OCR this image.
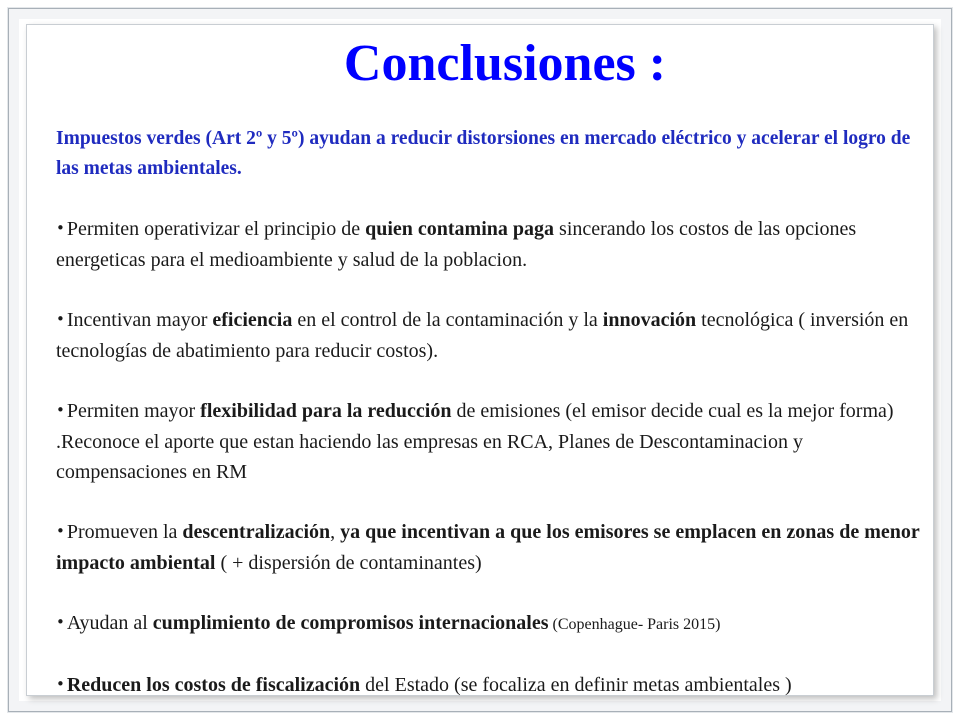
Conclusiones :

Impuestos verdes (Art 2º y 5º) ayudan a reducir distorsiones en mercado eléctrico y acelerar el logro de las metas ambientales.

• Permiten operativizar el principio de quien contamina paga sincerando los costos de las opciones energeticas para el medioambiente y salud de la poblacion.

• Incentivan mayor eficiencia en el control de la contaminación y la innovación tecnológica ( inversión en tecnologías de abatimiento para reducir costos).

• Permiten mayor flexibilidad para la reducción de emisiones (el emisor decide cual es la mejor forma) .Reconoce el aporte que estan haciendo las empresas en RCA, Planes de Descontaminacion y compensaciones en RM

• Promueven la descentralización, ya que incentivan a que los emisores se emplacen en zonas de menor impacto ambiental ( + dispersión de contaminantes)

• Ayudan al cumplimiento de compromisos internacionales (Copenhague- Paris 2015)

• Reducen los costos de fiscalización del Estado (se focaliza en definir metas ambientales )
